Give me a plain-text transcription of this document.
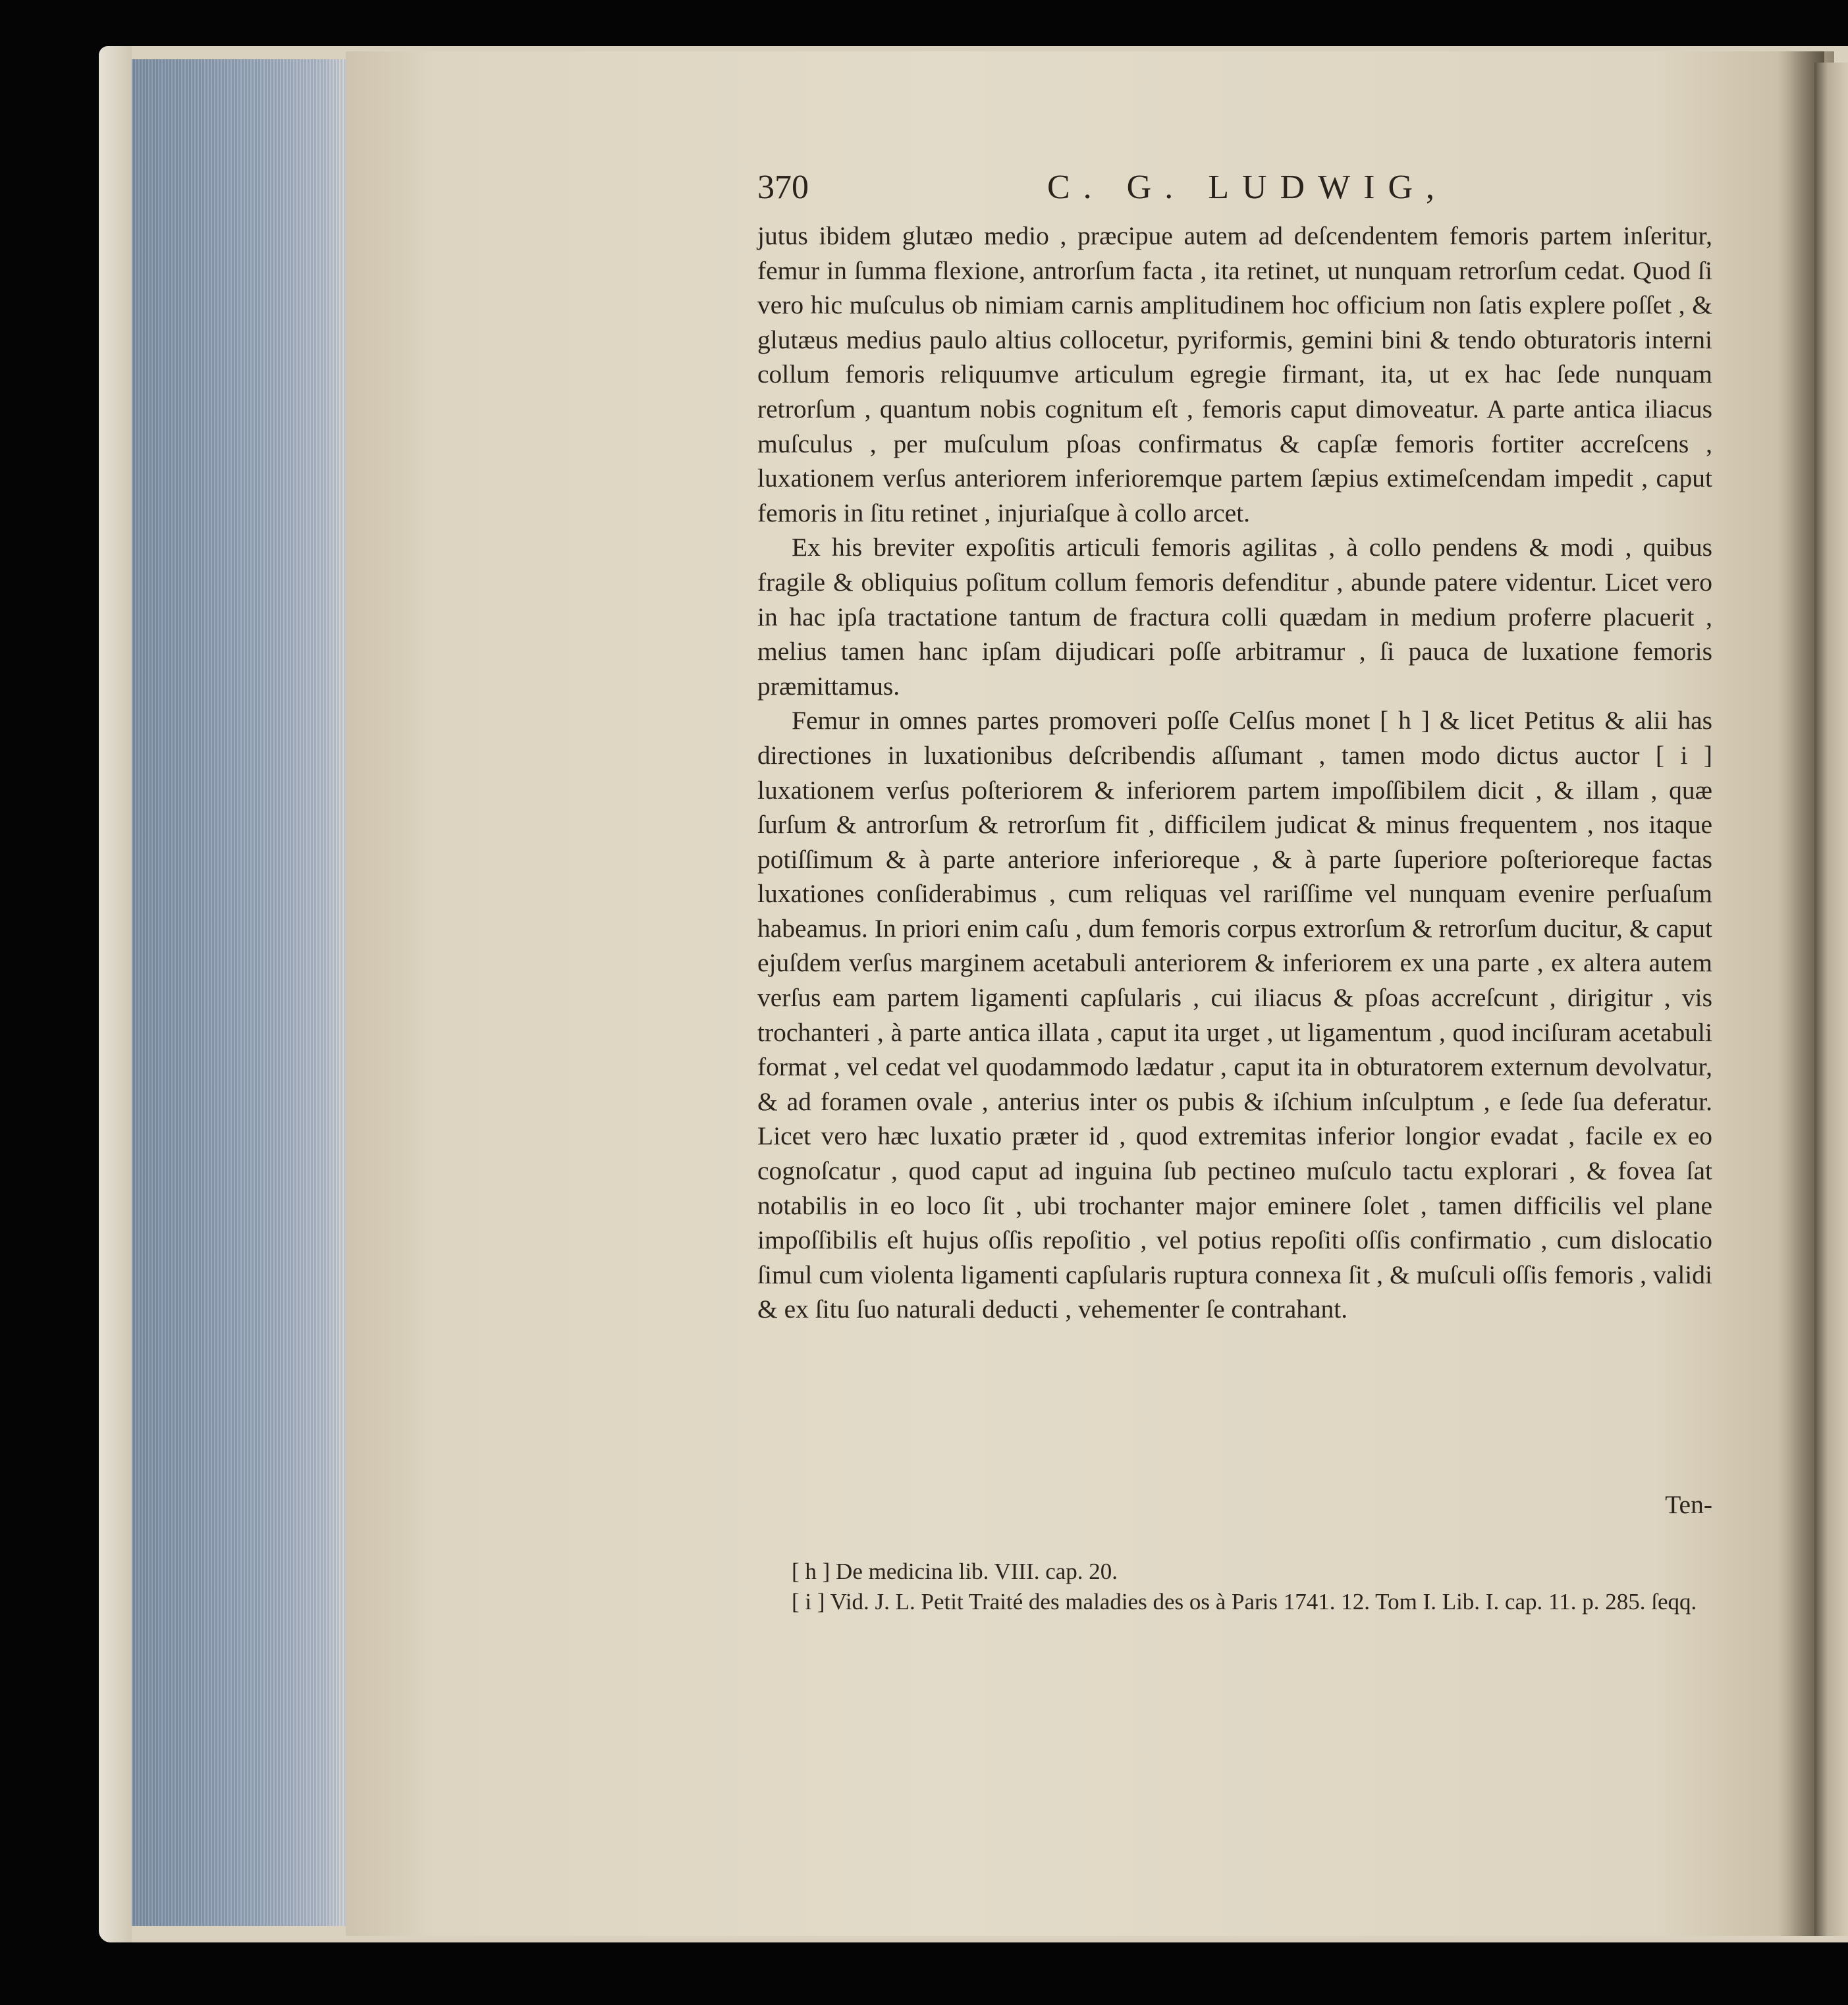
370	C. G. LUDWIG,

jutus ibidem glutæo medio , præcipue autem ad deſcendentem femoris partem inſeritur, femur in ſumma flexione, antrorſum facta , ita retinet, ut nunquam retrorſum cedat. Quod ſi vero hic muſculus ob nimiam carnis amplitudinem hoc officium non ſatis explere poſſet , & glutæus medius paulo altius collocetur, pyriformis, gemini bini & tendo obturatoris interni collum femoris reliquumve articulum egregie firmant, ita, ut ex hac ſede nunquam retrorſum , quantum nobis cognitum eſt , femoris caput dimoveatur. A parte antica iliacus muſculus , per muſculum pſoas confirmatus & capſæ femoris fortiter accreſcens , luxationem verſus anteriorem inferioremque partem ſæpius extimeſcendam impedit , caput femoris in ſitu retinet , injuriaſque à collo arcet.

Ex his breviter expoſitis articuli femoris agilitas , à collo pendens & modi , quibus fragile & obliquius poſitum collum femoris defenditur , abunde patere videntur. Licet vero in hac ipſa tractatione tantum de fractura colli quædam in medium proferre placuerit , melius tamen hanc ipſam dijudicari poſſe arbitramur , ſi pauca de luxatione femoris præmittamus.

Femur in omnes partes promoveri poſſe Celſus monet [ h ] & licet Petitus & alii has directiones in luxationibus deſcribendis aſſumant , tamen modo dictus auctor [ i ] luxationem verſus poſteriorem & inferiorem partem impoſſibilem dicit , & illam , quæ ſurſum & antrorſum & retrorſum fit , difficilem judicat & minus frequentem , nos itaque potiſſimum & à parte anteriore inferioreque , & à parte ſuperiore poſterioreque factas luxationes conſiderabimus , cum reliquas vel rariſſime vel nunquam evenire perſuaſum habeamus. In priori enim caſu , dum femoris corpus extrorſum & retrorſum ducitur, & caput ejuſdem verſus marginem acetabuli anteriorem & inferiorem ex una parte , ex altera autem verſus eam partem ligamenti capſularis , cui iliacus & pſoas accreſcunt , dirigitur , vis trochanteri , à parte antica illata , caput ita urget , ut ligamentum , quod inciſuram acetabuli format , vel cedat vel quodammodo lædatur , caput ita in obturatorem externum devolvatur, & ad foramen ovale , anterius inter os pubis & iſchium inſculptum , e ſede ſua deferatur. Licet vero hæc luxatio præter id , quod extremitas inferior longior evadat , facile ex eo cognoſcatur , quod caput ad inguina ſub pectineo muſculo tactu explorari , & fovea ſat notabilis in eo loco ſit , ubi trochanter major eminere ſolet , tamen difficilis vel plane impoſſibilis eſt hujus oſſis repoſitio , vel potius repoſiti oſſis confirmatio , cum dislocatio ſimul cum violenta ligamenti capſularis ruptura connexa ſit , & muſculi oſſis femoris , validi & ex ſitu ſuo naturali deducti , vehementer ſe contrahant.

Ten-

[ h ] De medicina lib. VIII. cap. 20.

[ i ] Vid. J. L. Petit Traité des maladies des os à Paris 1741. 12. Tom I. Lib. I. cap. 11. p. 285. ſeqq.
